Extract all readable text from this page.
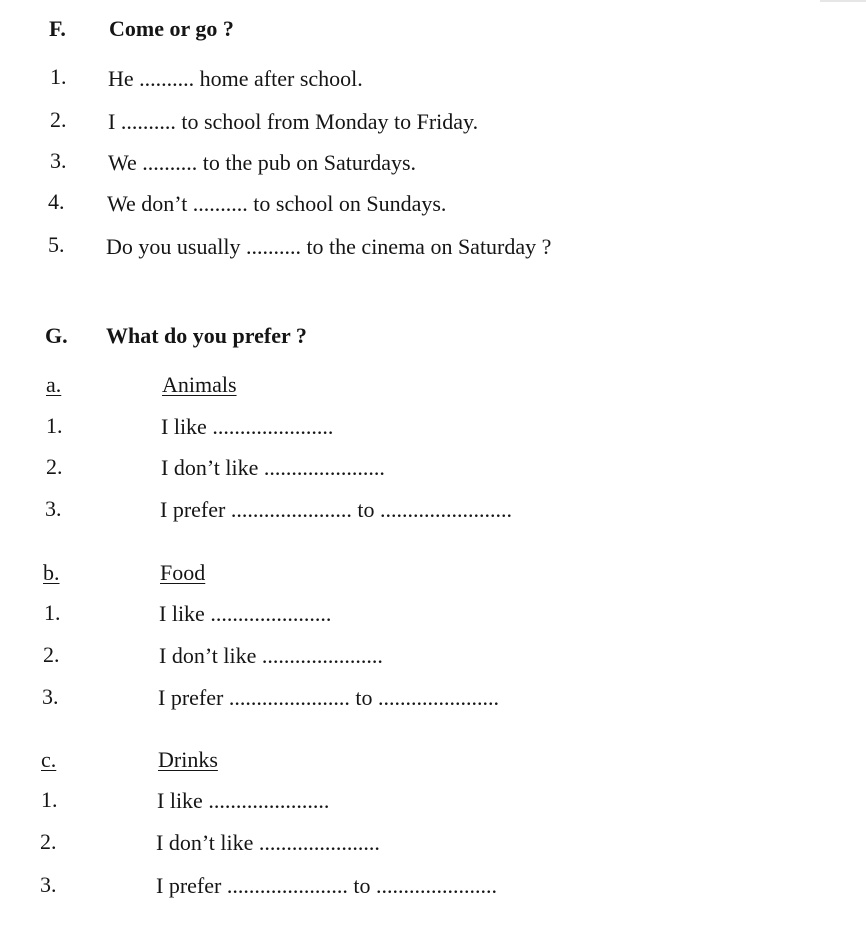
F. Come or go ?
1. He .......... home after school.
2. I .......... to school from Monday to Friday.
3. We .......... to the pub on Saturdays.
4. We don’t .......... to school on Sundays.
5. Do you usually .......... to the cinema on Saturday ?
G. What do you prefer ?
a.	Animals
1.	I like ......................
2.	I don’t like ......................
3.	I prefer ...................... to ........................
b.	Food
1.	I like ......................
2.	I don’t like ......................
3.	I prefer ...................... to ......................
c.	Drinks
1.	I like ......................
2.	I don’t like ......................
3.	I prefer ...................... to ......................
